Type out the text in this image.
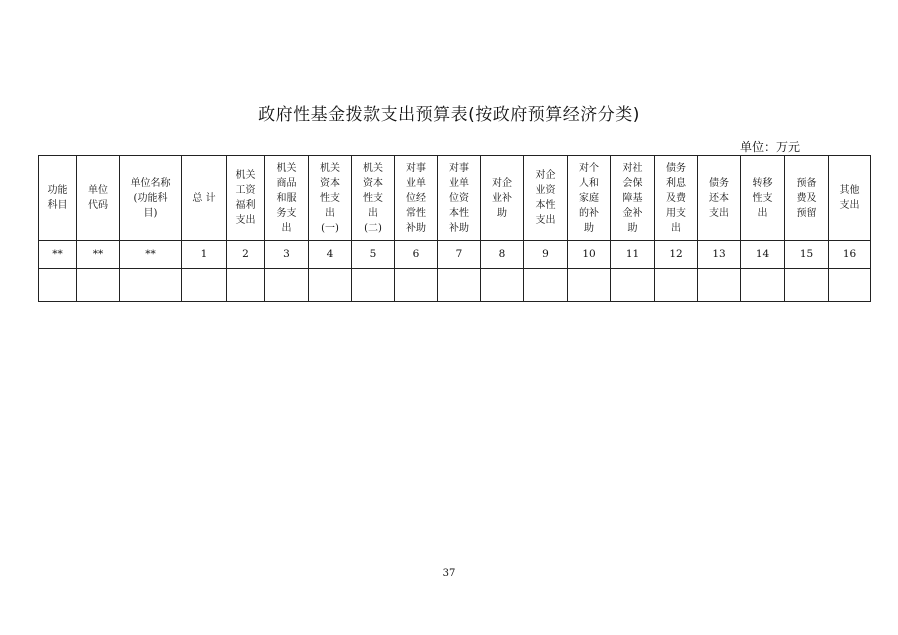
政府性基金拨款支出预算表(按政府预算经济分类)
单位：万元
功能
科目	单位
代码	单位名称
(功能科
目)	总 计	机关
工资
福利
支出	机关
商品
和服
务支
出	机关
资本
性支
出
(一)	机关
资本
性支
出
(二)	对事
业单
位经
常性
补助	对事
业单
位资
本性
补助	对企
业补
助	对企
业资
本性
支出	对个
人和
家庭
的补
助	对社
会保
障基
金补
助	债务
利息
及费
用支
出	债务
还本
支出	转移
性支
出	预备
费及
预留	其他
支出
**	**	**	1	2	3	4	5	6	7	8	9	10	11	12	13	14	15	16

37
